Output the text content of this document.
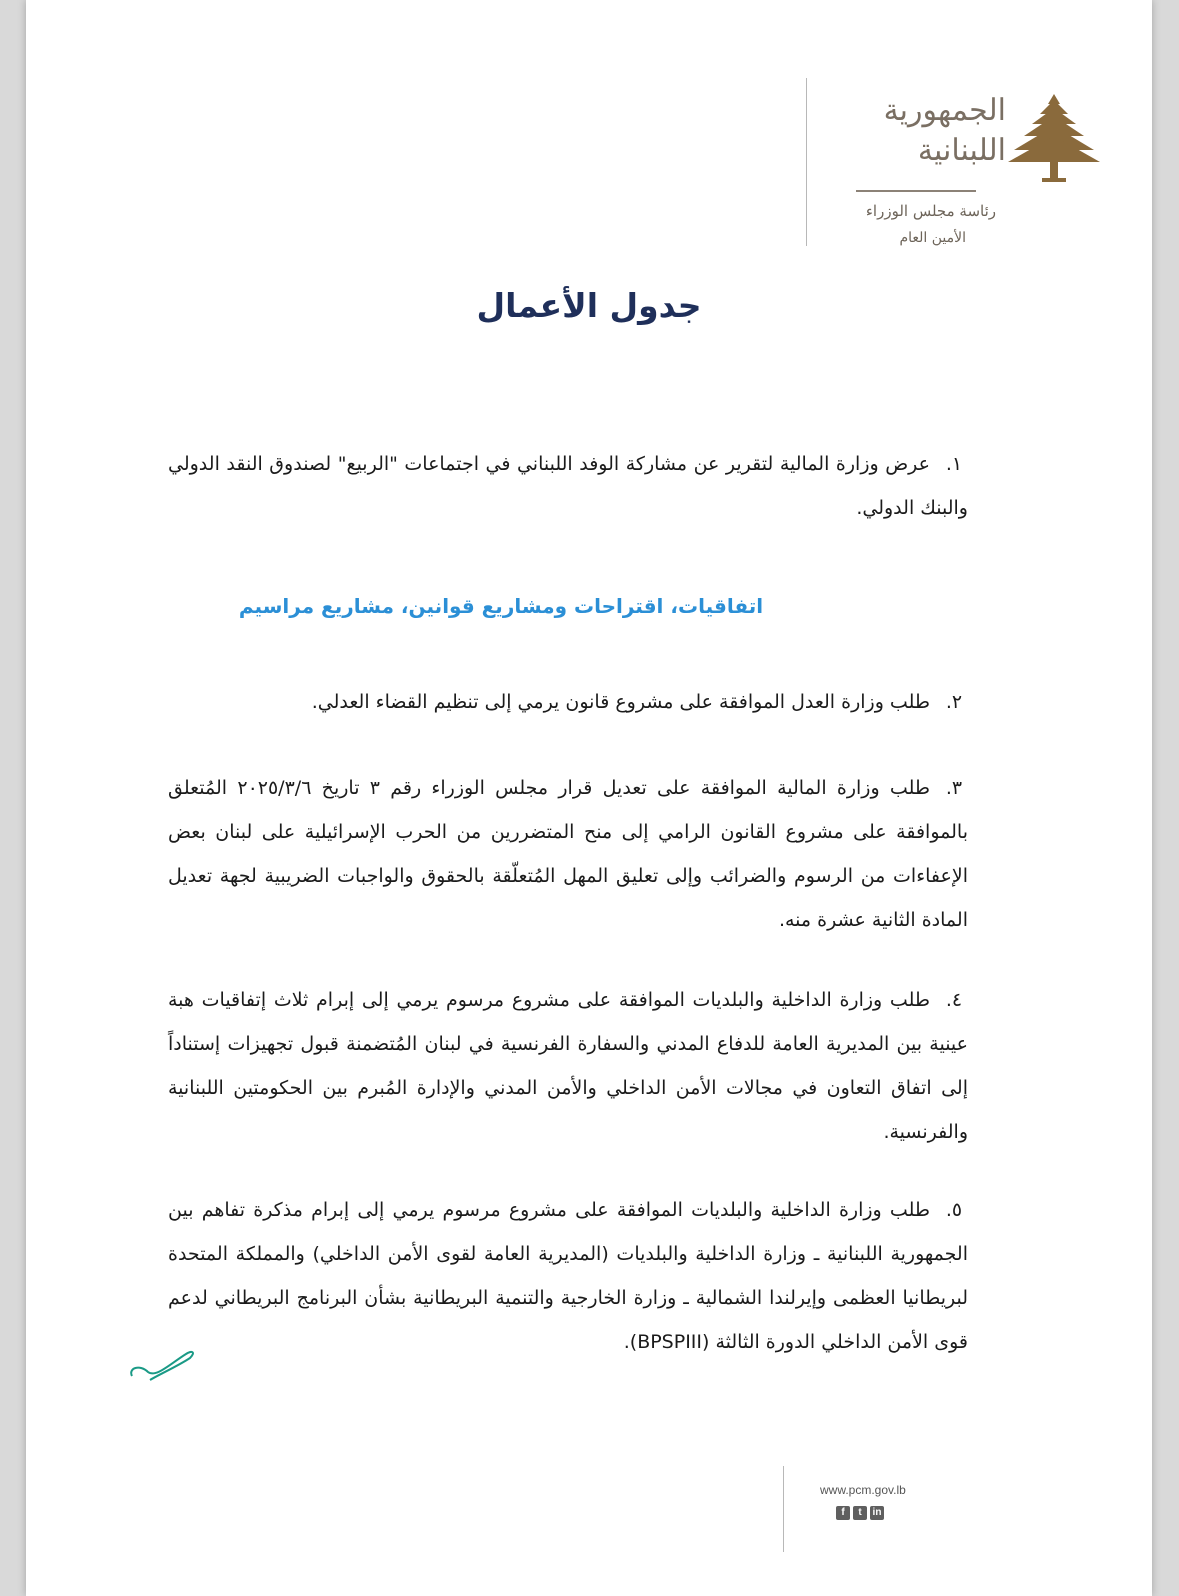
الجمهورية
اللبنانية
رئاسة مجلس الوزراء
الأمين العام
جدول الأعمال
١.عرض وزارة المالية لتقرير عن مشاركة الوفد اللبناني في اجتماعات "الربيع" لصندوق النقد الدولي والبنك الدولي.
اتفاقيات، اقتراحات ومشاريع قوانين، مشاريع مراسيم
٢.طلب وزارة العدل الموافقة على مشروع قانون يرمي إلى تنظيم القضاء العدلي.
٣.طلب وزارة المالية الموافقة على تعديل قرار مجلس الوزراء رقم ٣ تاريخ ٢٠٢٥/٣/٦ المُتعلق بالموافقة على مشروع القانون الرامي إلى منح المتضررين من الحرب الإسرائيلية على لبنان بعض الإعفاءات من الرسوم والضرائب وإلى تعليق المهل المُتعلّقة بالحقوق والواجبات الضريبية لجهة تعديل المادة الثانية عشرة منه.
٤.طلب وزارة الداخلية والبلديات الموافقة على مشروع مرسوم يرمي إلى إبرام ثلاث إتفاقيات هبة عينية بين المديرية العامة للدفاع المدني والسفارة الفرنسية في لبنان المُتضمنة قبول تجهيزات إستناداً إلى اتفاق التعاون في مجالات الأمن الداخلي والأمن المدني والإدارة المُبرم بين الحكومتين اللبنانية والفرنسية.
٥.طلب وزارة الداخلية والبلديات الموافقة على مشروع مرسوم يرمي إلى إبرام مذكرة تفاهم بين الجمهورية اللبنانية ـ وزارة الداخلية والبلديات (المديرية العامة لقوى الأمن الداخلي) والمملكة المتحدة لبريطانيا العظمى وإيرلندا الشمالية ـ وزارة الخارجية والتنمية البريطانية بشأن البرنامج البريطاني لدعم قوى الأمن الداخلي الدورة الثالثة (BPSPIII).
www.pcm.gov.lb
f	t	in
